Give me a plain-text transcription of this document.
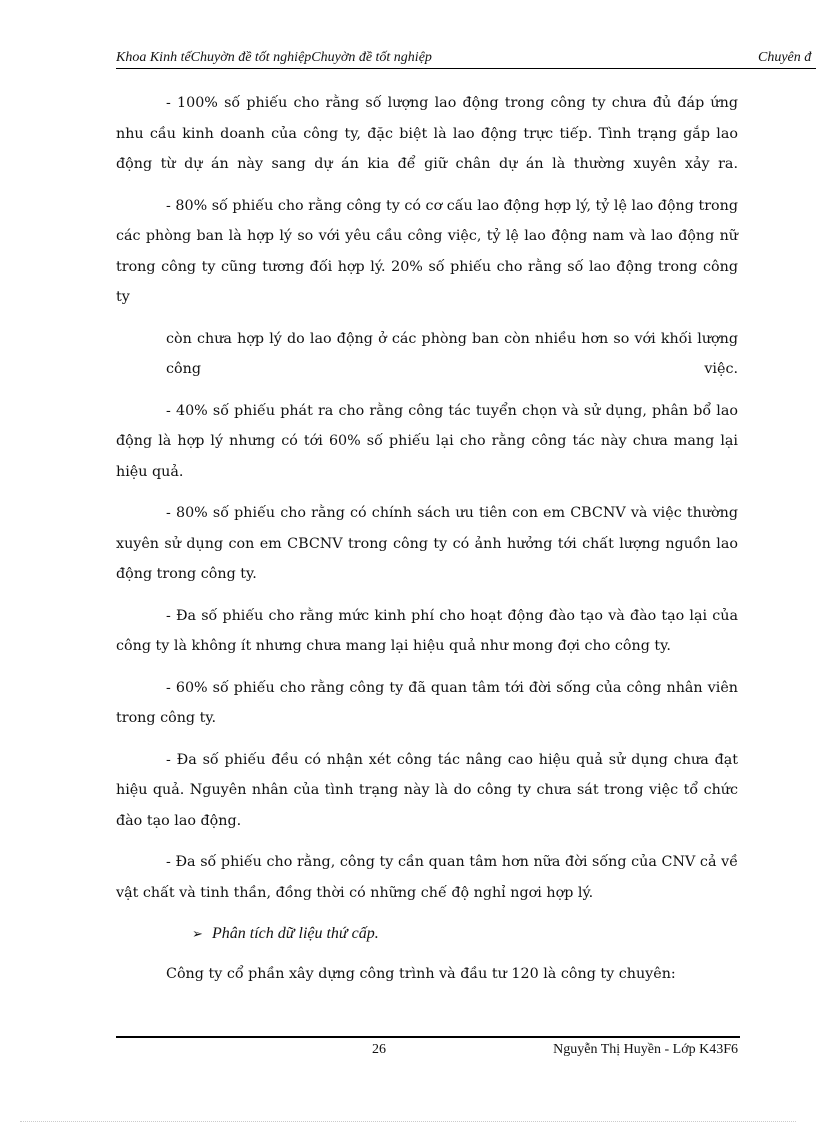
Khoa Kinh tếChuyờn đề tốt nghiệpChuyờn đề tốt nghiệp	Chuyên đ

- 100% số phiếu cho rằng số lượng lao động trong công ty chưa đủ đáp ứng nhu cầu kinh doanh của công ty, đặc biệt là lao động trực tiếp. Tình trạng gắp lao động từ dự án này sang dự án kia để giữ chân dự án là thường xuyên xảy ra.

- 80% số phiếu cho rằng công ty có cơ cấu lao động hợp lý, tỷ lệ lao động trong các phòng ban là hợp lý so với yêu cầu công việc, tỷ lệ lao động nam và lao động nữ trong công ty cũng tương đối hợp lý. 20% số phiếu cho rằng số lao động trong công ty

còn chưa hợp lý do lao động ở các phòng ban còn nhiều hơn so với khối lượng công việc.

- 40% số phiếu phát ra cho rằng công tác tuyển chọn và sử dụng, phân bổ lao động là hợp lý nhưng có tới 60% số phiếu lại cho rằng công tác này chưa mang lại hiệu quả.

- 80% số phiếu cho rằng có chính sách ưu tiên con em CBCNV và việc thường xuyên sử dụng con em CBCNV trong công ty có ảnh hưởng tới chất lượng nguồn lao động trong công ty.

- Đa số phiếu cho rằng mức kinh phí cho hoạt động đào tạo và đào tạo lại của công ty là không ít nhưng chưa mang lại hiệu quả như mong đợi cho công ty.

- 60% số phiếu cho rằng công ty đã quan tâm tới đời sống của công nhân viên trong công ty.

- Đa số phiếu đều có nhận xét công tác nâng cao hiệu quả sử dụng chưa đạt hiệu quả. Nguyên nhân của tình trạng này là do công ty chưa sát trong việc tổ chức đào tạo lao động.

- Đa số phiếu cho rằng, công ty cần quan tâm hơn nữa đời sống của CNV cả về vật chất và tinh thần, đồng thời có những chế độ nghỉ ngơi hợp lý.

➢ Phân tích dữ liệu thứ cấp.

Công ty cổ phần xây dựng công trình và đầu tư 120 là công ty chuyên:

26	Nguyễn Thị Huyền - Lớp K43F6
